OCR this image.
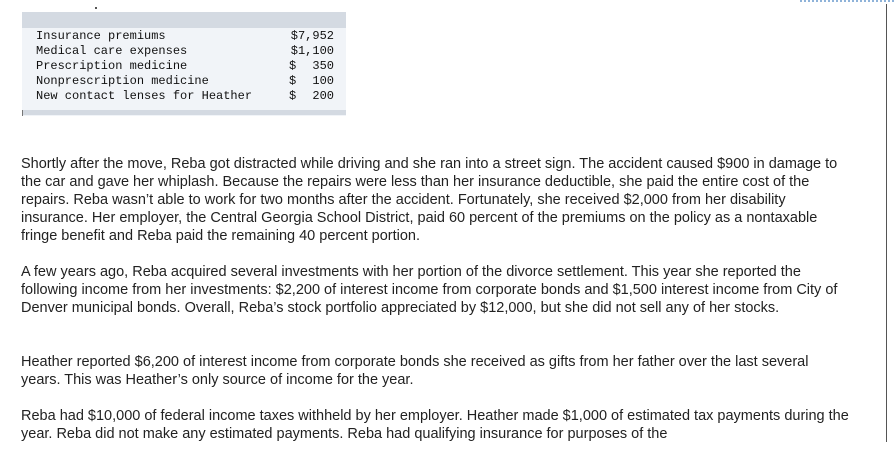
Insurance premiums	$7,952
Medical care expenses	$1,100
Prescription medicine	$ 350
Nonprescription medicine	$ 100
New contact lenses for Heather	$ 200

Shortly after the move, Reba got distracted while driving and she ran into a street sign. The accident caused $900 in damage to the car and gave her whiplash. Because the repairs were less than her insurance deductible, she paid the entire cost of the repairs. Reba wasn’t able to work for two months after the accident. Fortunately, she received $2,000 from her disability insurance. Her employer, the Central Georgia School District, paid 60 percent of the premiums on the policy as a nontaxable fringe benefit and Reba paid the remaining 40 percent portion.

A few years ago, Reba acquired several investments with her portion of the divorce settlement. This year she reported the following income from her investments: $2,200 of interest income from corporate bonds and $1,500 interest income from City of Denver municipal bonds. Overall, Reba’s stock portfolio appreciated by $12,000, but she did not sell any of her stocks.

Heather reported $6,200 of interest income from corporate bonds she received as gifts from her father over the last several years. This was Heather’s only source of income for the year.

Reba had $10,000 of federal income taxes withheld by her employer. Heather made $1,000 of estimated tax payments during the year. Reba did not make any estimated payments. Reba had qualifying insurance for purposes of the
